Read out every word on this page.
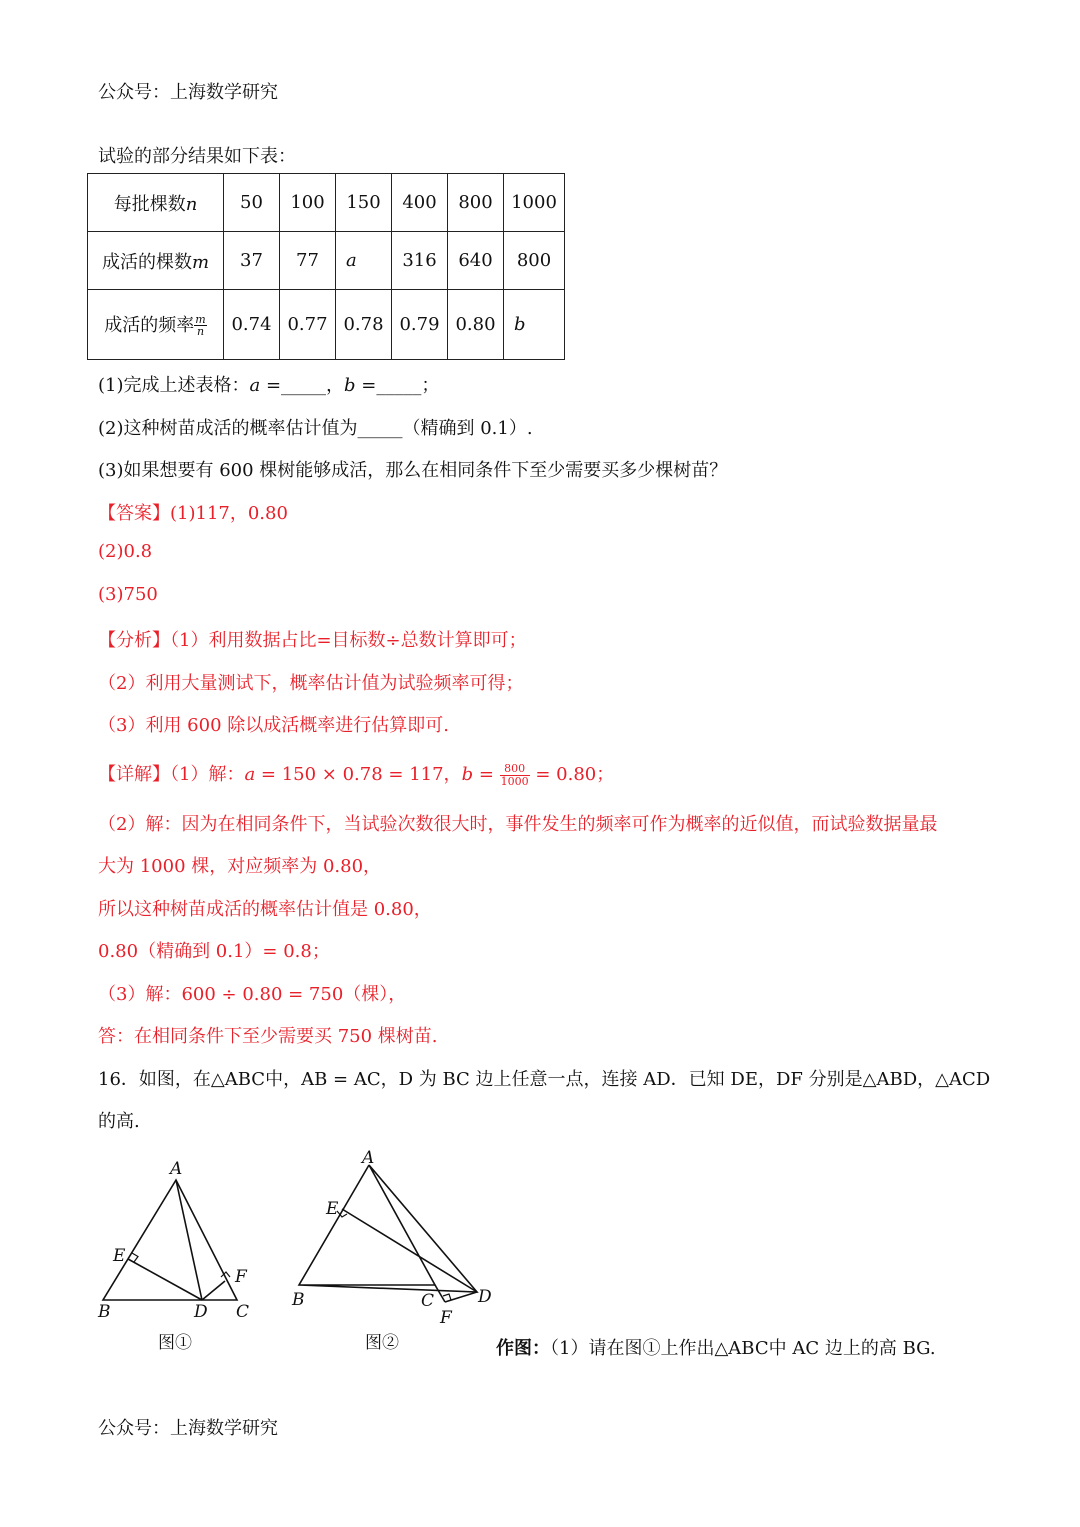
公众号：上海数学研究
试验的部分结果如下表：
每批棵数n	50	100	150	400	800	1000
成活的棵数m	37	77	a	316	640	800
成活的频率 $\frac{m}{n}$	0.74	0.77	0.78	0.79	0.80	b
(1)完成上述表格：a =_____，b =_____；
(2)这种树苗成活的概率估计值为_____（精确到 0.1）.
(3)如果想要有 600 棵树能够成活，那么在相同条件下至少需要买多少棵树苗？
【答案】(1)117，0.80
(2)0.8
(3)750
【分析】（1）利用数据占比=目标数÷总数计算即可；
（2）利用大量测试下，概率估计值为试验频率可得；
（3）利用 600 除以成活概率进行估算即可.
【详解】（1）解：a = 150 × 0.78 = 117，$b = \frac{800}{1000} = 0.80$；
（2）解：因为在相同条件下，当试验次数很大时，事件发生的频率可作为概率的近似值，而试验数据量最
大为 1000 棵，对应频率为 0.80，
所以这种树苗成活的概率估计值是 0.80，
0.80（精确到 0.1）= 0.8；
（3）解：600 ÷ 0.80 = 750（棵），
答：在相同条件下至少需要买 750 棵树苗.
16．如图，在△ABC中，AB = AC，D 为 BC 边上任意一点，连接 AD．已知 DE，DF 分别是△ABD，△ACD
的高.
A
B	C
D
E
F
图①
A
B	C	D
E
F
图②	作图：（1）请在图①上作出△ABC中 AC 边上的高 BG.
公众号：上海数学研究
